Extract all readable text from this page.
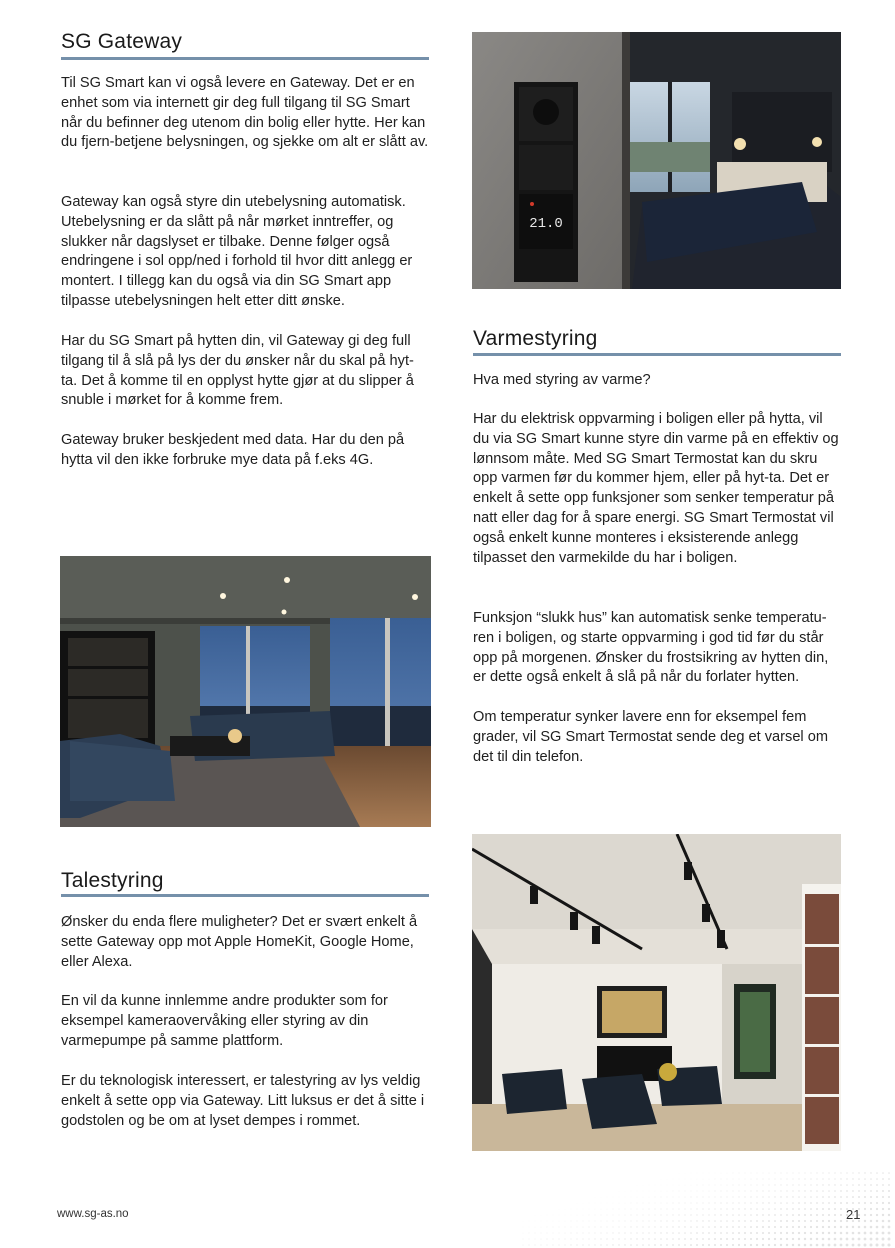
SG Gateway

Til SG Smart kan vi også levere en Gateway. Det er en enhet som via internett gir deg full tilgang til SG Smart når du befinner deg utenom din bolig eller hytte. Her kan du fjern-betjene belysningen, og sjekke om alt er slått av.

Gateway kan også styre din utebelysning automatisk. Utebelysning er da slått på når mørket inntreffer, og slukker når dagslyset er tilbake. Denne følger også endringene i sol opp/ned i forhold til hvor ditt anlegg er montert. I tillegg kan du også via din SG Smart app tilpasse utebelysningen helt etter ditt ønske.

Har du SG Smart på hytten din, vil Gateway gi deg full tilgang til å slå på lys der du ønsker når du skal på hyt-ta. Det å komme til en opplyst hytte gjør at du slipper å snuble i mørket for å komme frem.

Gateway bruker beskjedent med data. Har du den på hytta vil den ikke forbruke mye data på f.eks 4G.

21.0
Varmestyring

Hva med styring av varme?

Har du elektrisk oppvarming i boligen eller på hytta, vil du via SG Smart kunne styre din varme på en effektiv og lønnsom måte. Med SG Smart Termostat kan du skru opp varmen før du kommer hjem, eller på hyt-ta. Det er enkelt å sette opp funksjoner som senker temperatur på natt eller dag for å spare energi. SG Smart Termostat vil også enkelt kunne monteres i eksisterende anlegg tilpasset den varmekilde du har i boligen.

Funksjon “slukk hus” kan automatisk senke temperatu-ren i boligen, og starte oppvarming i god tid før du står opp på morgenen. Ønsker du frostsikring av hytten din, er dette også enkelt å slå på når du forlater hytten.

Om temperatur synker lavere enn for eksempel fem grader, vil SG Smart Termostat sende deg et varsel om det til din telefon.

Talestyring

Ønsker du enda flere muligheter? Det er svært enkelt å sette Gateway opp mot Apple HomeKit, Google Home, eller Alexa.

En vil da kunne innlemme andre produkter som for eksempel kameraovervåking eller styring av din varmepumpe på samme plattform.

Er du teknologisk interessert, er talestyring av lys veldig enkelt å sette opp via Gateway. Litt luksus er det å sitte i godstolen og be om at lyset dempes i rommet.

www.sg-as.no	21
